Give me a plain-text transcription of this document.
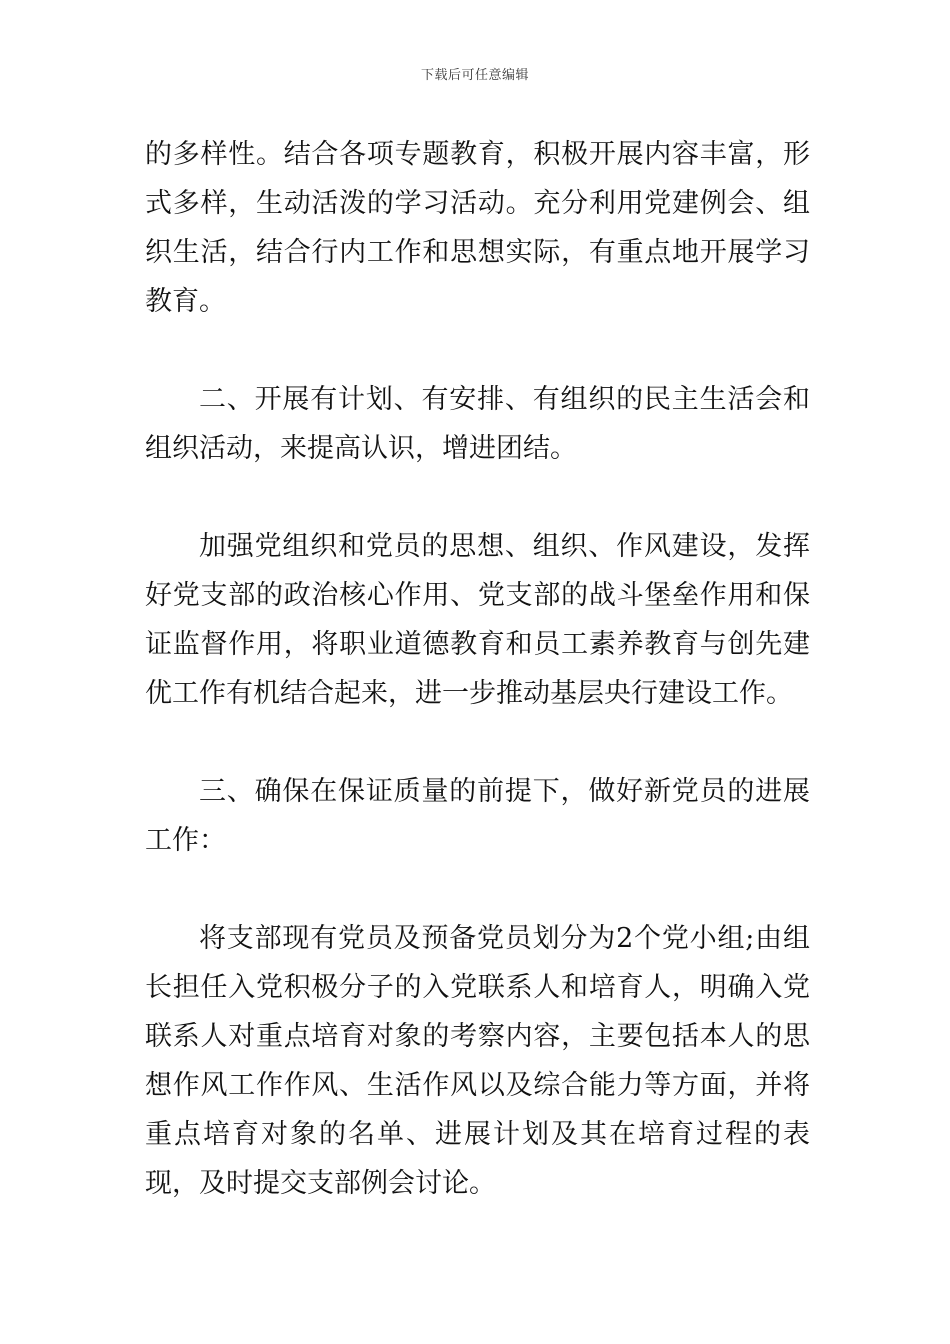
下载后可任意编辑

的多样性。结合各项专题教育，积极开展内容丰富，形式多样，生动活泼的学习活动。充分利用党建例会、组织生活，结合行内工作和思想实际，有重点地开展学习教育。

二、开展有计划、有安排、有组织的民主生活会和组织活动，来提高认识，增进团结。

加强党组织和党员的思想、组织、作风建设，发挥好党支部的政治核心作用、党支部的战斗堡垒作用和保证监督作用，将职业道德教育和员工素养教育与创先建优工作有机结合起来，进一步推动基层央行建设工作。

三、确保在保证质量的前提下，做好新党员的进展工作：

将支部现有党员及预备党员划分为2个党小组;由组长担任入党积极分子的入党联系人和培育人，明确入党联系人对重点培育对象的考察内容，主要包括本人的思想作风工作作风、生活作风以及综合能力等方面，并将重点培育对象的名单、进展计划及其在培育过程的表现，及时提交支部例会讨论。
